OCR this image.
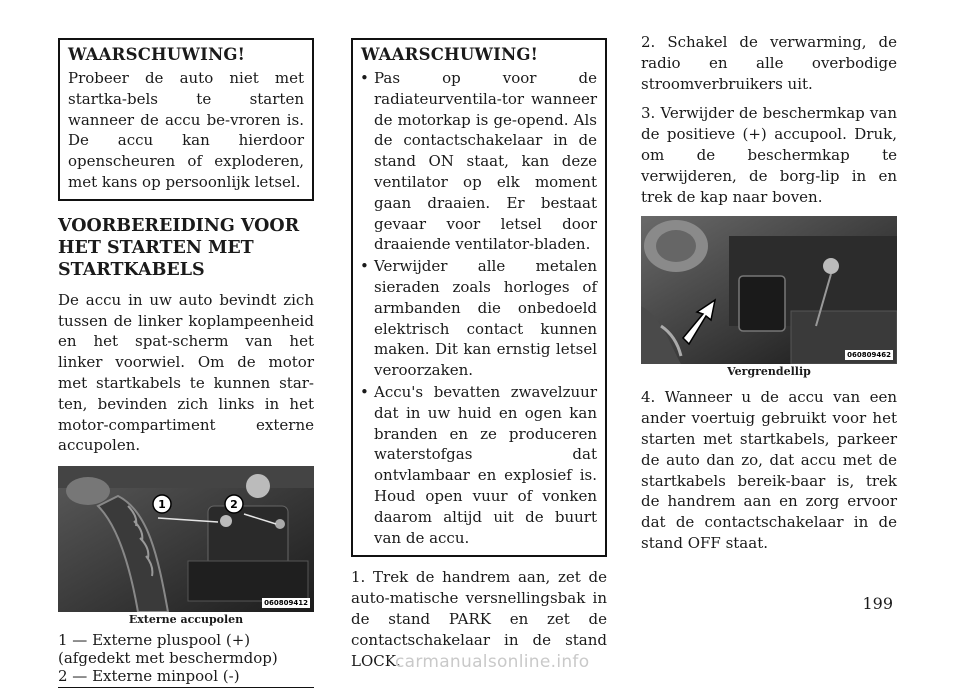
WAARSCHUWING!

Probeer de auto niet met startka-bels te starten wanneer de accu be-vroren is. De accu kan hierdoor openscheuren of exploderen, met kans op persoonlijk letsel.

VOORBEREIDING VOOR HET STARTEN MET STARTKABELS

De accu in uw auto bevindt zich tussen de linker koplampeenheid en het spat-scherm van het linker voorwiel. Om de motor met startkabels te kunnen star-ten, bevinden zich links in het motor-compartiment externe accupolen.

1	2
060809412
Externe accupolen
1 — Externe pluspool (+) (afgedekt met beschermdop)
2 — Externe minpool (-)
WAARSCHUWING!
• Pas op voor de radiateurventila-tor wanneer de motorkap is ge-opend. Als de contactschakelaar in de stand ON staat, kan deze ventilator op elk moment gaan draaien. Er bestaat gevaar voor letsel door draaiende ventilator-bladen.
• Verwijder alle metalen sieraden zoals horloges of armbanden die onbedoeld elektrisch contact kunnen maken. Dit kan ernstig letsel veroorzaken.
• Accu's bevatten zwavelzuur dat in uw huid en ogen kan branden en ze produceren waterstofgas dat ontvlambaar en explosief is. Houd open vuur of vonken daarom altijd uit de buurt van de accu.

1. Trek de handrem aan, zet de auto-matische versnellingsbak in de stand PARK en zet de contactschakelaar in de stand LOCK.

2. Schakel de verwarming, de radio en alle overbodige stroomverbruikers uit.

3. Verwijder de beschermkap van de positieve (+) accupool. Druk, om de beschermkap te verwijderen, de borg-lip in en trek de kap naar boven.

060809462
Vergrendellip

4. Wanneer u de accu van een ander voertuig gebruikt voor het starten met startkabels, parkeer de auto dan zo, dat accu met de startkabels bereik-baar is, trek de handrem aan en zorg ervoor dat de contactschakelaar in de stand OFF staat.

199
carmanualsonline.info
